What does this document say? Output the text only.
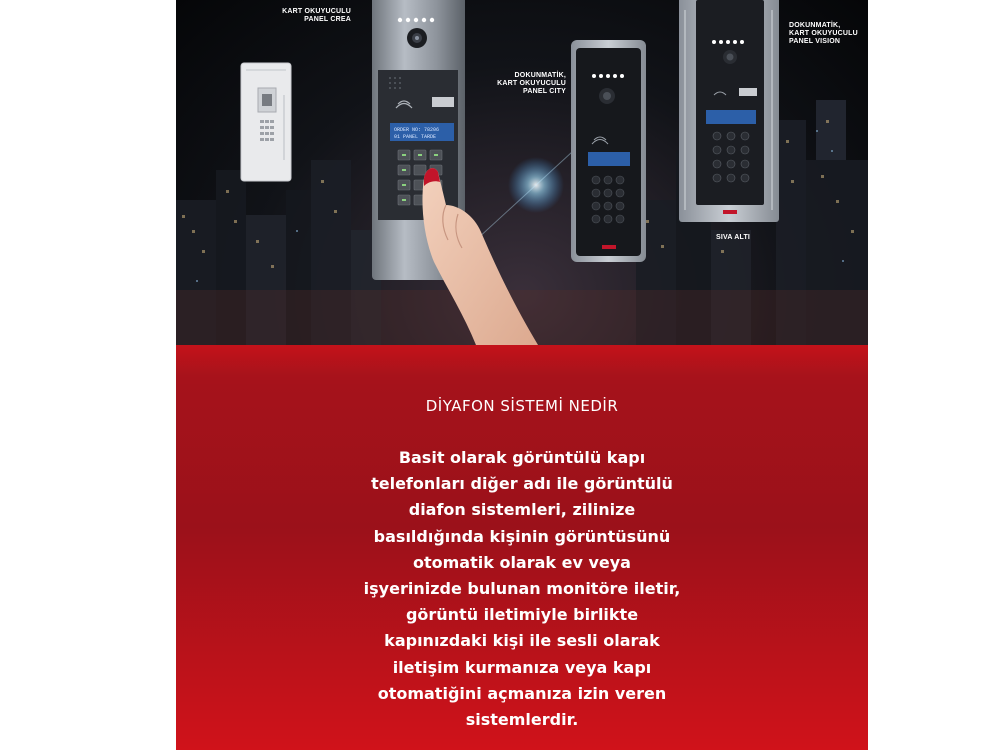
ORDER NO: 78206
01 PANEL TARDE
KART OKUYUCULU
PANEL CREA
DOKUNMATİK,
KART OKUYUCULU
PANEL CITY
DOKUNMATİK,
KART OKUYUCULU
PANEL VISION
SIVA ALTI
DİYAFON SİSTEMİ NEDİR
Basit olarak görüntülü kapı
telefonları diğer adı ile görüntülü
diafon sistemleri, zilinize
basıldığında kişinin görüntüsünü
otomatik olarak ev veya
işyerinizde bulunan monitöre iletir,
görüntü iletimiyle birlikte
kapınızdaki kişi ile sesli olarak
iletişim kurmanıza veya kapı
otomatiğini açmanıza izin veren
sistemlerdir.
